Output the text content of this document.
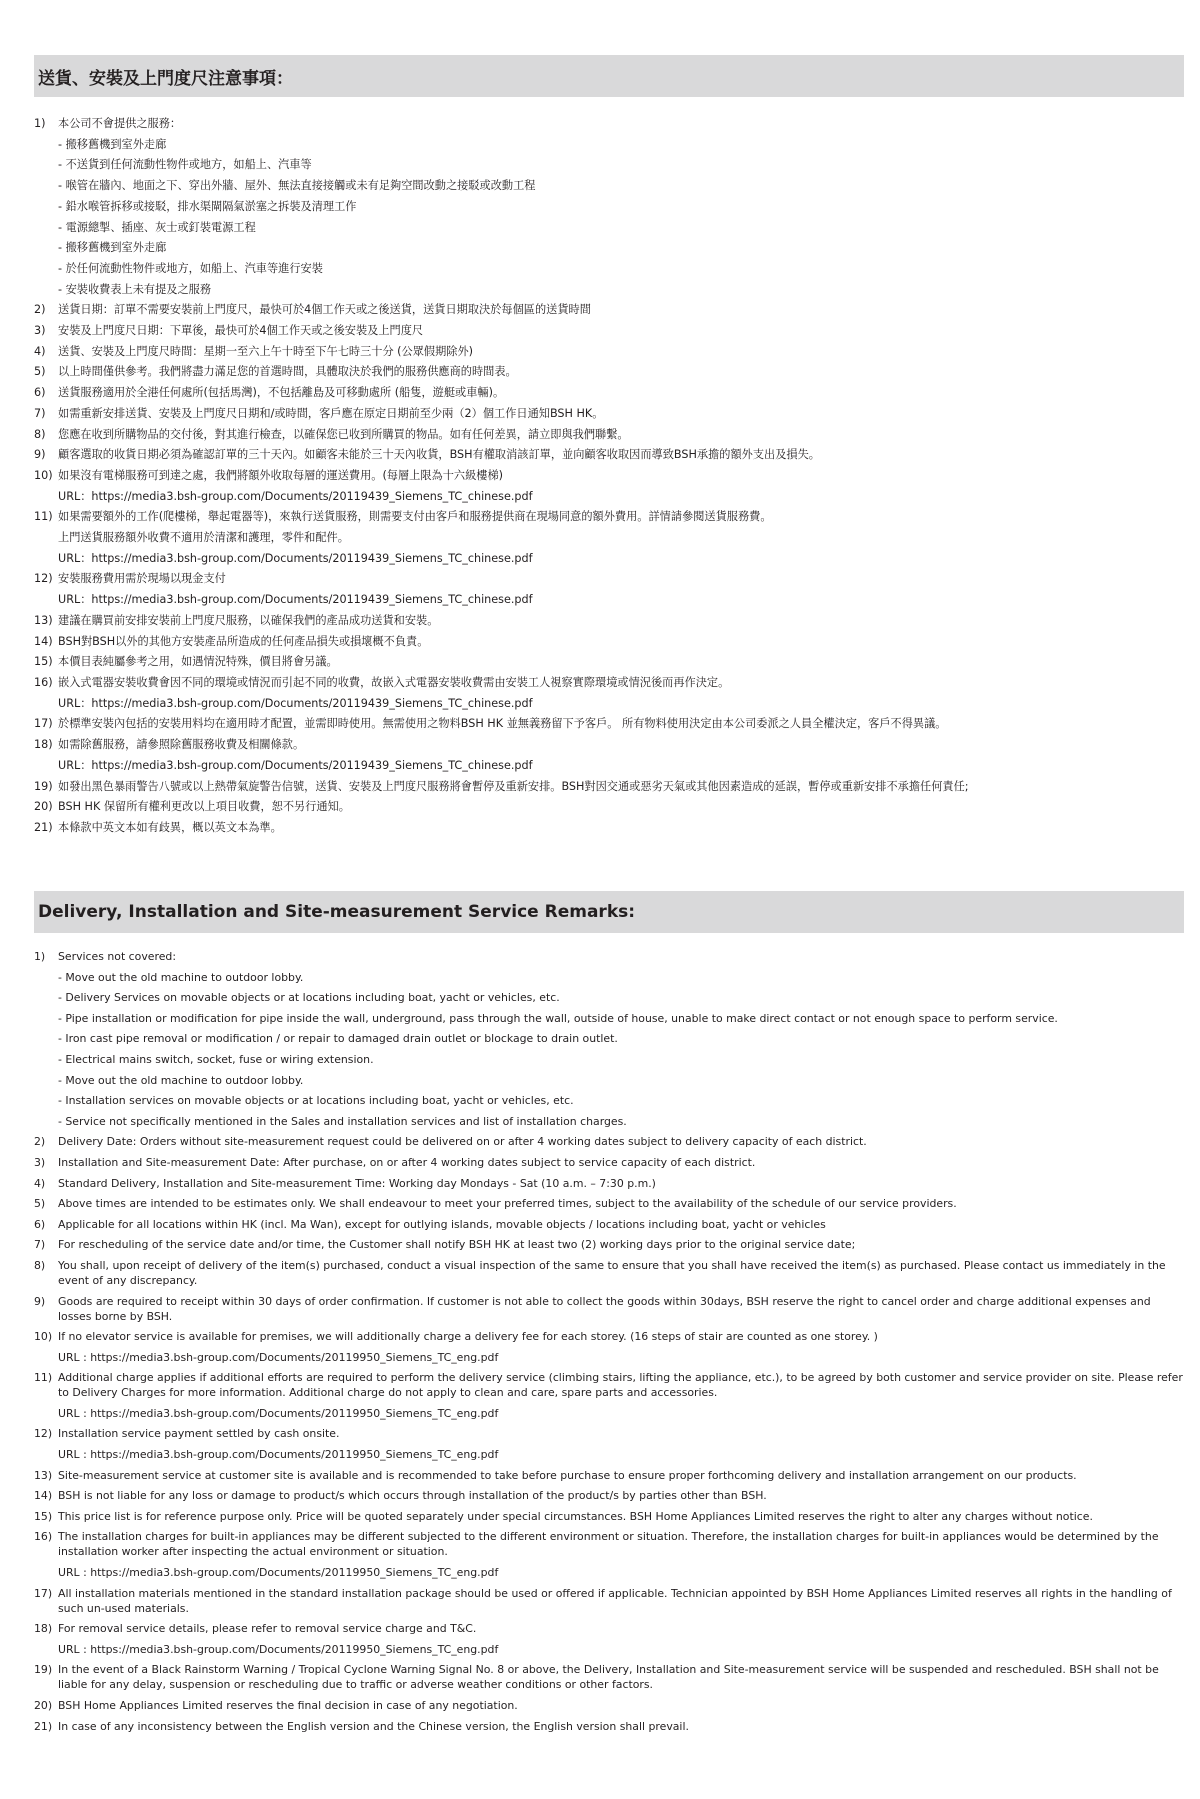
送貨、安裝及上門度尺注意事項：
1)	本公司不會提供之服務：
- 搬移舊機到室外走廊
- 不送貨到任何流動性物件或地方，如船上、汽車等
- 喉管在牆內、地面之下、穿出外牆、屋外、無法直接接觸或未有足夠空間改動之接駁或改動工程
- 鉛水喉管拆移或接駁，排水渠閘隔氣淤塞之拆裝及清理工作
- 電源總掣、插座、灰士或釘裝電源工程
- 搬移舊機到室外走廊
- 於任何流動性物件或地方，如船上、汽車等進行安裝
- 安裝收費表上未有提及之服務
2)	送貨日期：訂單不需要安裝前上門度尺，最快可於4個工作天或之後送貨，送貨日期取決於每個區的送貨時間
3)	安裝及上門度尺日期：下單後，最快可於4個工作天或之後安裝及上門度尺
4)	送貨、安裝及上門度尺時間：星期一至六上午十時至下午七時三十分 (公眾假期除外)
5)	以上時間僅供參考。我們將盡力滿足您的首選時間，具體取決於我們的服務供應商的時間表。
6)	送貨服務適用於全港任何處所(包括馬灣)，不包括離島及可移動處所 (船隻，遊艇或車輛)。
7)	如需重新安排送貨、安裝及上門度尺日期和/或時間，客戶應在原定日期前至少兩（2）個工作日通知BSH HK。
8)	您應在收到所購物品的交付後，對其進行檢查，以確保您已收到所購買的物品。如有任何差異，請立即與我們聯繫。
9)	顧客選取的收貨日期必須為確認訂單的三十天內。如顧客未能於三十天內收貨，BSH有權取消該訂單，並向顧客收取因而導致BSH承擔的額外支出及損失。
10) 如果沒有電梯服務可到達之處，我們將額外收取每層的運送費用。(每層上限為十六級樓梯)
URL：https://media3.bsh-group.com/Documents/20119439_Siemens_TC_chinese.pdf
11) 如果需要額外的工作(爬樓梯，舉起電器等)，來執行送貨服務，則需要支付由客戶和服務提供商在現場同意的額外費用。詳情請參閱送貨服務費。
上門送貨服務額外收費不適用於清潔和護理，零件和配件。
URL：https://media3.bsh-group.com/Documents/20119439_Siemens_TC_chinese.pdf
12) 安裝服務費用需於現場以現金支付
URL：https://media3.bsh-group.com/Documents/20119439_Siemens_TC_chinese.pdf
13) 建議在購買前安排安裝前上門度尺服務，以確保我們的產品成功送貨和安裝。
14) BSH對BSH以外的其他方安裝產品所造成的任何產品損失或損壞概不負責。
15) 本價目表純屬參考之用，如遇情況特殊，價目將會另議。
16) 嵌入式電器安裝收費會因不同的環境或情況而引起不同的收費，故嵌入式電器安裝收費需由安裝工人視察實際環境或情況後而再作決定。
URL：https://media3.bsh-group.com/Documents/20119439_Siemens_TC_chinese.pdf
17) 於標準安裝內包括的安裝用料均在適用時才配置，並需即時使用。無需使用之物料BSH HK 並無義務留下予客戶。 所有物料使用決定由本公司委派之人員全權決定，客戶不得異議。
18) 如需除舊服務，請參照除舊服務收費及相關條款。
URL：https://media3.bsh-group.com/Documents/20119439_Siemens_TC_chinese.pdf
19) 如發出黑色暴雨警告八號或以上熱帶氣旋警告信號，送貨、安裝及上門度尺服務將會暫停及重新安排。BSH對因交通或惡劣天氣或其他因素造成的延誤，暫停或重新安排不承擔任何責任;
20) BSH HK 保留所有權利更改以上項目收費，恕不另行通知。
21) 本條款中英文本如有歧異，概以英文本為準。
Delivery, Installation and Site-measurement Service Remarks:
1)	Services not covered:
- Move out the old machine to outdoor lobby.
- Delivery Services on movable objects or at locations including boat, yacht or vehicles, etc.
- Pipe installation or modification for pipe inside the wall, underground, pass through the wall, outside of house, unable to make direct contact or not enough space to perform service.
- Iron cast pipe removal or modification / or repair to damaged drain outlet or blockage to drain outlet.
- Electrical mains switch, socket, fuse or wiring extension.
- Move out the old machine to outdoor lobby.
- Installation services on movable objects or at locations including boat, yacht or vehicles, etc.
- Service not specifically mentioned in the Sales and installation services and list of installation charges.
2)	Delivery Date: Orders without site-measurement request could be delivered on or after 4 working dates subject to delivery capacity of each district.
3)	Installation and Site-measurement Date: After purchase, on or after 4 working dates subject to service capacity of each district.
4)	Standard Delivery, Installation and Site-measurement Time: Working day Mondays - Sat (10 a.m. – 7:30 p.m.)
5)	Above times are intended to be estimates only. We shall endeavour to meet your preferred times, subject to the availability of the schedule of our service providers.
6)	Applicable for all locations within HK (incl. Ma Wan), except for outlying islands, movable objects / locations including boat, yacht or vehicles
7)	For rescheduling of the service date and/or time, the Customer shall notify BSH HK at least two (2) working days prior to the original service date;
8)	You shall, upon receipt of delivery of the item(s) purchased, conduct a visual inspection of the same to ensure that you shall have received the item(s) as purchased. Please contact us immediately in the event of any discrepancy.
9)	Goods are required to receipt within 30 days of order confirmation. If customer is not able to collect the goods within 30days, BSH reserve the right to cancel order and charge additional expenses and losses borne by BSH.
10) If no elevator service is available for premises, we will additionally charge a delivery fee for each storey. (16 steps of stair are counted as one storey. )
URL : https://media3.bsh-group.com/Documents/20119950_Siemens_TC_eng.pdf
11) Additional charge applies if additional efforts are required to perform the delivery service (climbing stairs, lifting the appliance, etc.), to be agreed by both customer and service provider on site. Please refer to Delivery Charges for more information. Additional charge do not apply to clean and care, spare parts and accessories.
URL : https://media3.bsh-group.com/Documents/20119950_Siemens_TC_eng.pdf
12) Installation service payment settled by cash onsite.
URL : https://media3.bsh-group.com/Documents/20119950_Siemens_TC_eng.pdf
13) Site-measurement service at customer site is available and is recommended to take before purchase to ensure proper forthcoming delivery and installation arrangement on our products.
14) BSH is not liable for any loss or damage to product/s which occurs through installation of the product/s by parties other than BSH.
15) This price list is for reference purpose only. Price will be quoted separately under special circumstances. BSH Home Appliances Limited reserves the right to alter any charges without notice.
16) The installation charges for built-in appliances may be different subjected to the different environment or situation. Therefore, the installation charges for built-in appliances would be determined by the installation worker after inspecting the actual environment or situation.
URL : https://media3.bsh-group.com/Documents/20119950_Siemens_TC_eng.pdf
17) All installation materials mentioned in the standard installation package should be used or offered if applicable. Technician appointed by BSH Home Appliances Limited reserves all rights in the handling of such un-used materials.
18) For removal service details, please refer to removal service charge and T&C.
URL : https://media3.bsh-group.com/Documents/20119950_Siemens_TC_eng.pdf
19) In the event of a Black Rainstorm Warning / Tropical Cyclone Warning Signal No. 8 or above, the Delivery, Installation and Site-measurement service will be suspended and rescheduled. BSH shall not be liable for any delay, suspension or rescheduling due to traffic or adverse weather conditions or other factors.
20) BSH Home Appliances Limited reserves the final decision in case of any negotiation.
21) In case of any inconsistency between the English version and the Chinese version, the English version shall prevail.
